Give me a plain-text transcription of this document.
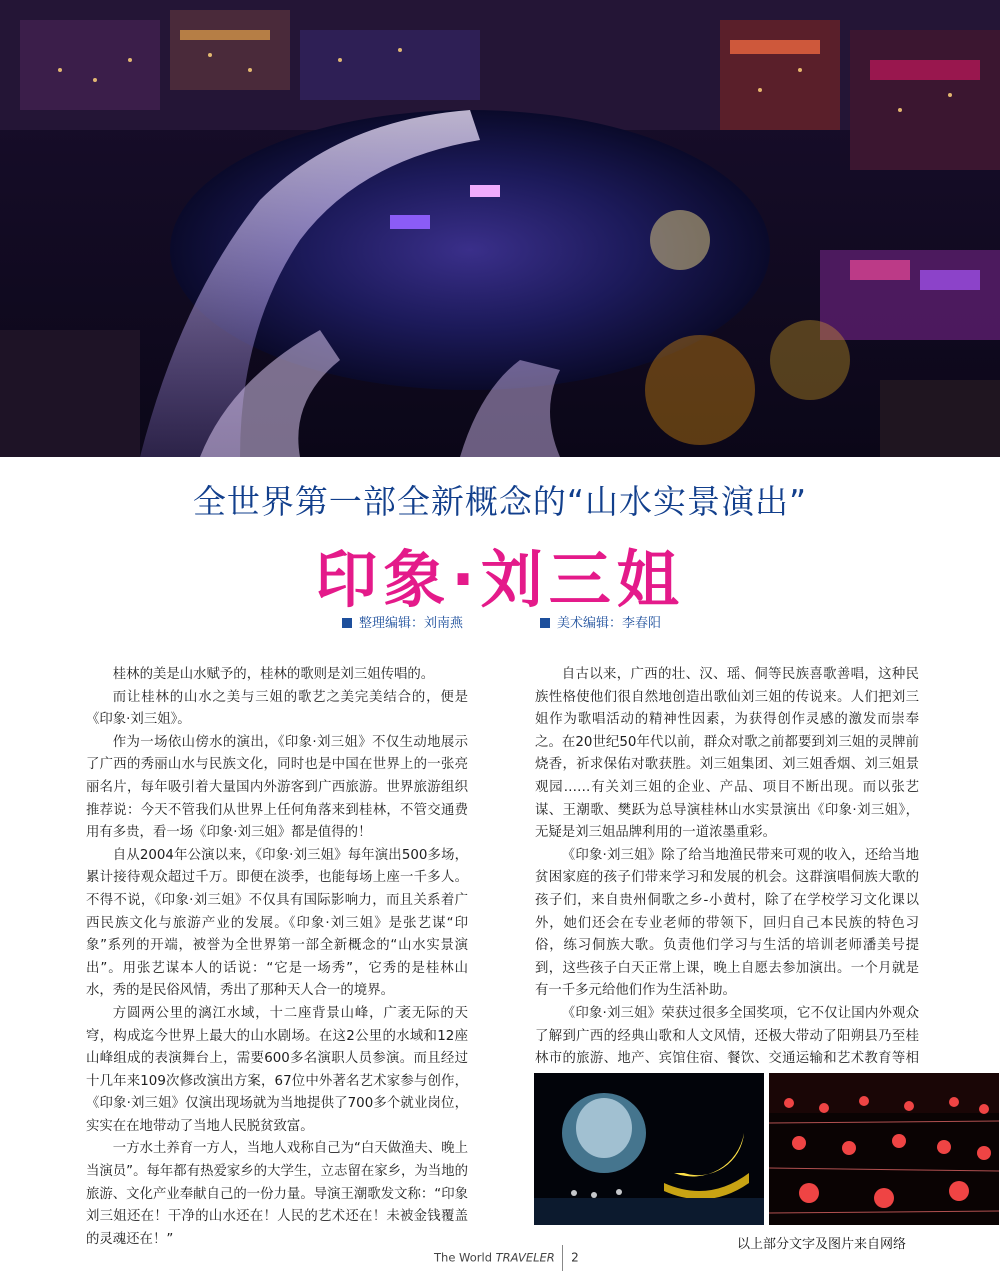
全世界第一部全新概念的“山水实景演出”
印象·刘三姐
整理编辑：刘南燕	美术编辑：李春阳

桂林的美是山水赋予的，桂林的歌则是刘三姐传唱的。

而让桂林的山水之美与三姐的歌艺之美完美结合的，便是《印象·刘三姐》。

作为一场依山傍水的演出，《印象·刘三姐》不仅生动地展示了广西的秀丽山水与民族文化，同时也是中国在世界上的一张亮丽名片，每年吸引着大量国内外游客到广西旅游。世界旅游组织推荐说：今天不管我们从世界上任何角落来到桂林，不管交通费用有多贵，看一场《印象·刘三姐》都是值得的！

自从2004年公演以来，《印象·刘三姐》每年演出500多场，累计接待观众超过千万。即便在淡季，也能每场上座一千多人。不得不说，《印象·刘三姐》不仅具有国际影响力，而且关系着广西民族文化与旅游产业的发展。《印象·刘三姐》是张艺谋“印象”系列的开端，被誉为全世界第一部全新概念的“山水实景演出”。用张艺谋本人的话说：“它是一场秀”，它秀的是桂林山水，秀的是民俗风情，秀出了那种天人合一的境界。

方圆两公里的漓江水域，十二座背景山峰，广袤无际的天穹，构成迄今世界上最大的山水剧场。在这2公里的水域和12座山峰组成的表演舞台上，需要600多名演职人员参演。而且经过十几年来109次修改演出方案，67位中外著名艺术家参与创作，《印象·刘三姐》仅演出现场就为当地提供了700多个就业岗位，实实在在地带动了当地人民脱贫致富。

一方水土养育一方人，当地人戏称自己为“白天做渔夫、晚上当演员”。每年都有热爱家乡的大学生，立志留在家乡，为当地的旅游、文化产业奉献自己的一份力量。导演王潮歌发文称：“印象刘三姐还在！干净的山水还在！人民的艺术还在！未被金钱覆盖的灵魂还在！”

自古以来，广西的壮、汉、瑶、侗等民族喜歌善唱，这种民族性格使他们很自然地创造出歌仙刘三姐的传说来。人们把刘三姐作为歌唱活动的精神性因素，为获得创作灵感的激发而崇奉之。在20世纪50年代以前，群众对歌之前都要到刘三姐的灵牌前烧香，祈求保佑对歌获胜。刘三姐集团、刘三姐香烟、刘三姐景观园……有关刘三姐的企业、产品、项目不断出现。而以张艺谋、王潮歌、樊跃为总导演桂林山水实景演出《印象·刘三姐》，无疑是刘三姐品牌利用的一道浓墨重彩。

《印象·刘三姐》除了给当地渔民带来可观的收入，还给当地贫困家庭的孩子们带来学习和发展的机会。这群演唱侗族大歌的孩子们，来自贵州侗歌之乡-小黄村，除了在学校学习文化课以外，她们还会在专业老师的带领下，回归自己本民族的特色习俗，练习侗族大歌。负责他们学习与生活的培训老师潘美号提到，这些孩子白天正常上课，晚上自愿去参加演出。一个月就是有一千多元给他们作为生活补助。

《印象·刘三姐》荣获过很多全国奖项，它不仅让国内外观众了解到广西的经典山歌和人文风情，还极大带动了阳朔县乃至桂林市的旅游、地产、宾馆住宿、餐饮、交通运输和艺术教育等相

以上部分文字及图片来自网络
The World TRAVELER 2
